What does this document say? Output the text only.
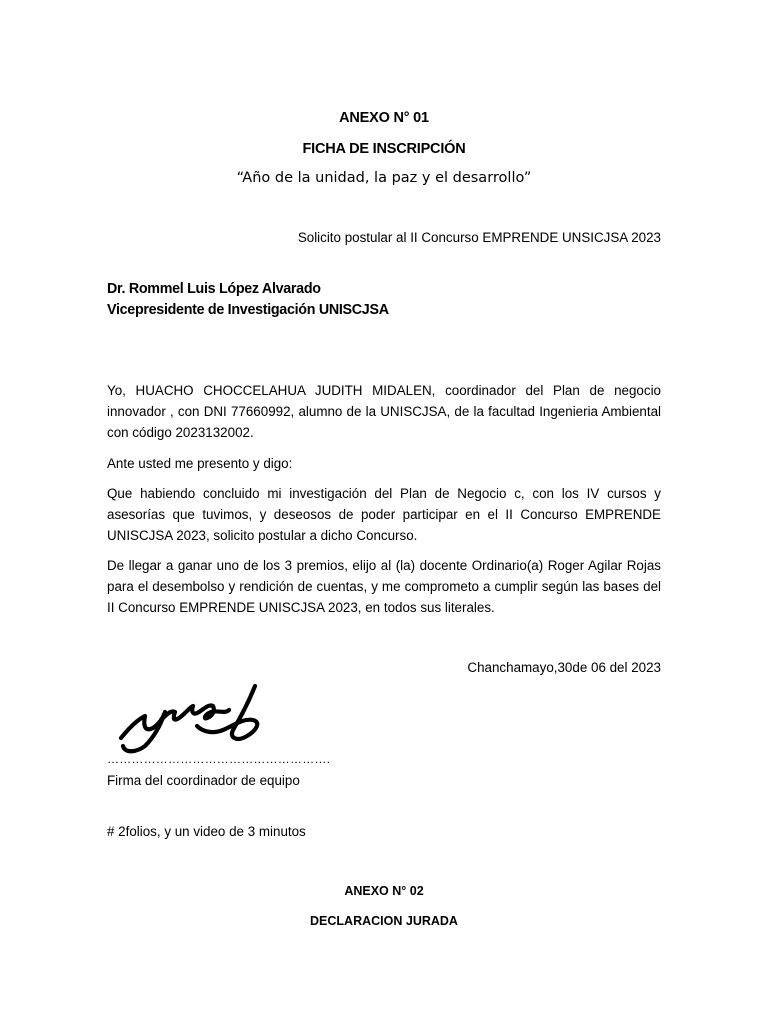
ANEXO N° 01
FICHA DE INSCRIPCIÓN
“Año de la unidad, la paz y el desarrollo”
Solicito postular al II Concurso EMPRENDE UNSICJSA 2023
Dr. Rommel Luis López Alvarado
Vicepresidente de Investigación UNISCJSA
Yo, HUACHO CHOCCELAHUA JUDITH MIDALEN, coordinador del Plan de negocio innovador , con DNI 77660992, alumno de la UNISCJSA, de la facultad Ingenieria Ambiental con código 2023132002.
Ante usted me presento y digo:
Que habiendo concluido mi investigación del Plan de Negocio c, con los IV cursos y asesorías que tuvimos, y deseosos de poder participar en el II Concurso EMPRENDE UNISCJSA 2023, solicito postular a dicho Concurso.
De llegar a ganar uno de los 3 premios, elijo al (la) docente Ordinario(a) Roger Agilar Rojas para el desembolso y rendición de cuentas, y me comprometo a cumplir según las bases del II Concurso EMPRENDE UNISCJSA 2023, en todos sus literales.
Chanchamayo,30de 06 del 2023
……………………………………………….
Firma del coordinador de equipo
# 2folios, y un video de 3 minutos
ANEXO N° 02
DECLARACION JURADA
